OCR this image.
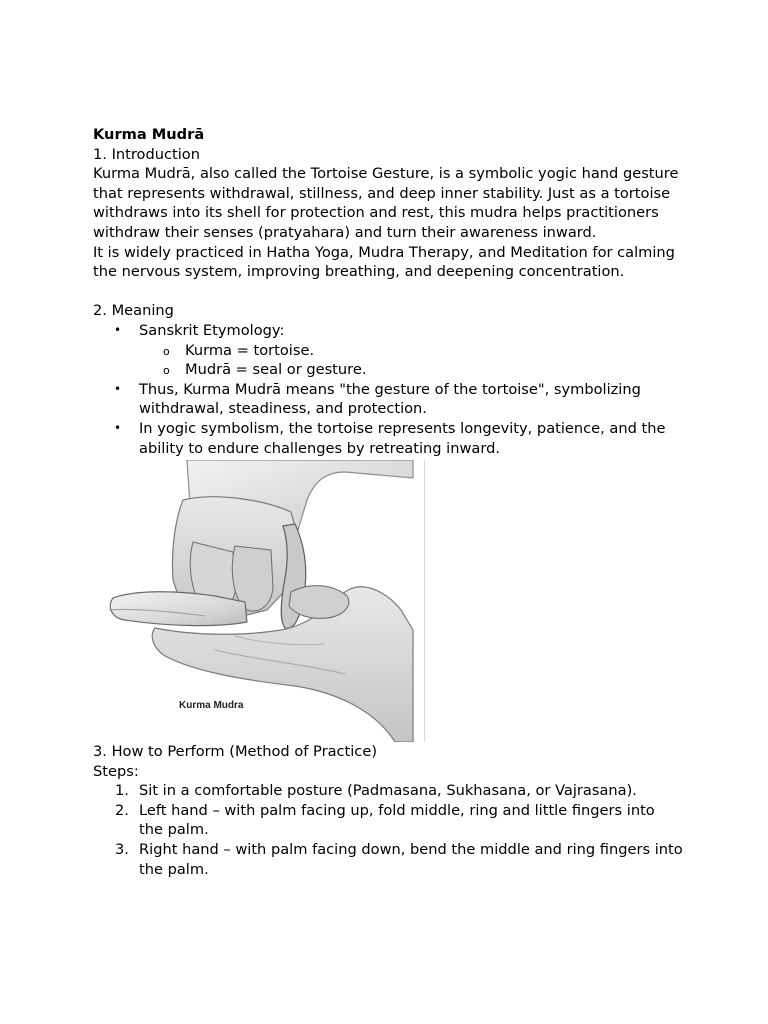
Kurma Mudrā

1. Introduction

Kurma Mudrā, also called the Tortoise Gesture, is a symbolic yogic hand gesture that represents withdrawal, stillness, and deep inner stability. Just as a tortoise withdraws into its shell for protection and rest, this mudra helps practitioners withdraw their senses (pratyahara) and turn their awareness inward.

It is widely practiced in Hatha Yoga, Mudra Therapy, and Meditation for calming the nervous system, improving breathing, and deepening concentration.

2. Meaning

• Sanskrit Etymology:
o Kurma = tortoise.
o Mudrā = seal or gesture.
• Thus, Kurma Mudrā means "the gesture of the tortoise", symbolizing withdrawal, steadiness, and protection.
• In yogic symbolism, the tortoise represents longevity, patience, and the ability to endure challenges by retreating inward.
Kurma Mudra

3. How to Perform (Method of Practice)

Steps:

1. Sit in a comfortable posture (Padmasana, Sukhasana, or Vajrasana).
2. Left hand – with palm facing up, fold middle, ring and little fingers into the palm.
3. Right hand – with palm facing down, bend the middle and ring fingers into the palm.
